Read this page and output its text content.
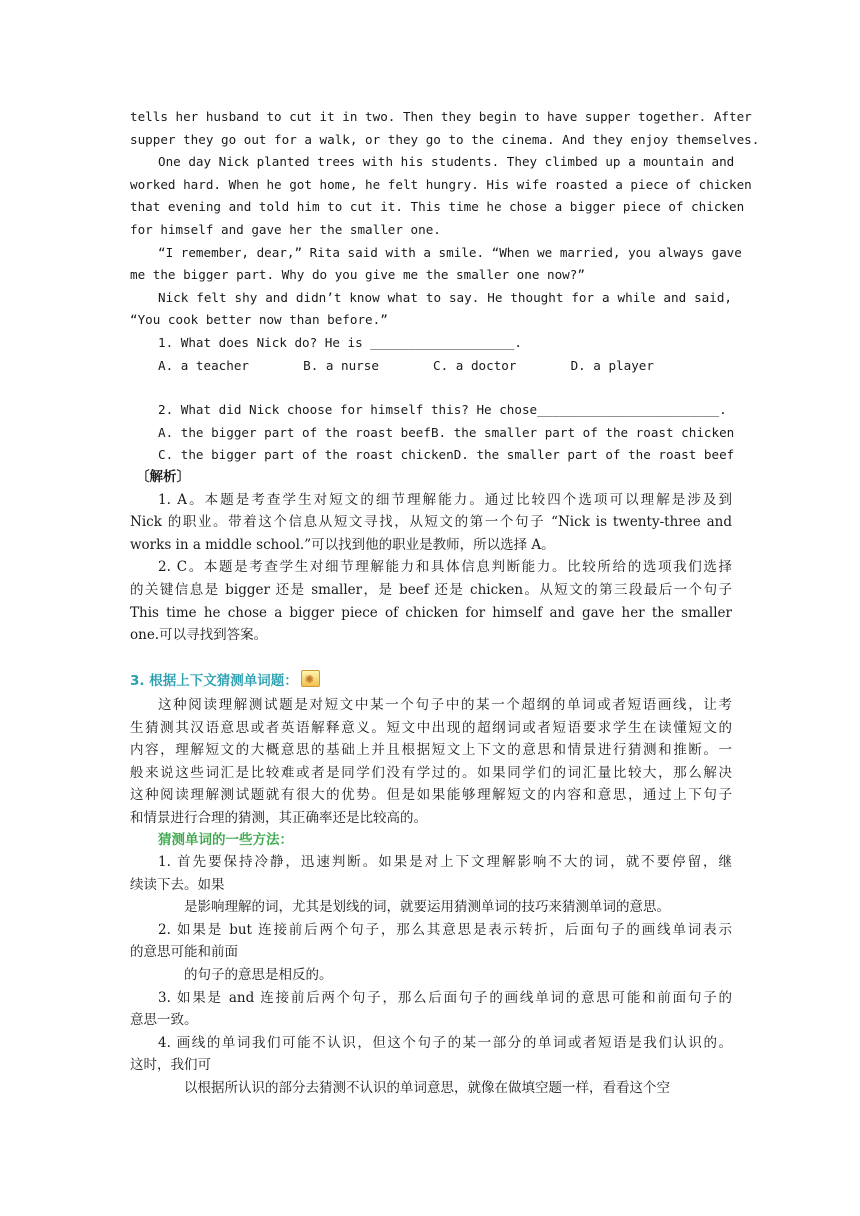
tells her husband to cut it in two. Then they begin to have supper together. After
supper they go out for a walk, or they go to the cinema. And they enjoy themselves.
One day Nick planted trees with his students. They climbed up a mountain and
worked hard. When he got home, he felt hungry. His wife roasted a piece of chicken
that evening and told him to cut it. This time he chose a bigger piece of chicken
for himself and gave her the smaller one.
“I remember, dear,” Rita said with a smile. “When we married, you always gave
me the bigger part. Why do you give me the smaller one now?”
Nick felt shy and didn’t know what to say. He thought for a while and said,
“You cook better now than before.”
1. What does Nick do? He is ___________________.
A. a teacher	B. a nurse	C. a doctor	D. a player
2. What did Nick choose for himself this? He chose________________________.
A. the bigger part of the roast beef B. the smaller part of the roast chicken
C. the bigger part of the roast chicken D. the smaller part of the roast beef
〔解析〕
1. A。本题是考查学生对短文的细节理解能力。通过比较四个选项可以理解是涉及到
Nick 的职业。带着这个信息从短文寻找，从短文的第一个句子 “Nick is twenty-three and
works in a middle school.”可以找到他的职业是教师，所以选择 A。
2. C。本题是考查学生对细节理解能力和具体信息判断能力。比较所给的选项我们选择
的关键信息是 bigger 还是 smaller，是 beef 还是 chicken。从短文的第三段最后一个句子
This time he chose a bigger piece of chicken for himself and gave her the smaller
one.可以寻找到答案。
3. 根据上下文猜测单词题：✺
这种阅读理解测试题是对短文中某一个句子中的某一个超纲的单词或者短语画线，让考
生猜测其汉语意思或者英语解释意义。短文中出现的超纲词或者短语要求学生在读懂短文的
内容，理解短文的大概意思的基础上并且根据短文上下文的意思和情景进行猜测和推断。一
般来说这些词汇是比较难或者是同学们没有学过的。如果同学们的词汇量比较大，那么解决
这种阅读理解测试题就有很大的优势。但是如果能够理解短文的内容和意思，通过上下句子
和情景进行合理的猜测，其正确率还是比较高的。
猜测单词的一些方法：
1. 首先要保持冷静，迅速判断。如果是对上下文理解影响不大的词，就不要停留，继
续读下去。如果
是影响理解的词，尤其是划线的词，就要运用猜测单词的技巧来猜测单词的意思。
2. 如果是 but 连接前后两个句子，那么其意思是表示转折，后面句子的画线单词表示
的意思可能和前面
的句子的意思是相反的。
3. 如果是 and 连接前后两个句子，那么后面句子的画线单词的意思可能和前面句子的
意思一致。
4. 画线的单词我们可能不认识，但这个句子的某一部分的单词或者短语是我们认识的。
这时，我们可
以根据所认识的部分去猜测不认识的单词意思，就像在做填空题一样，看看这个空
